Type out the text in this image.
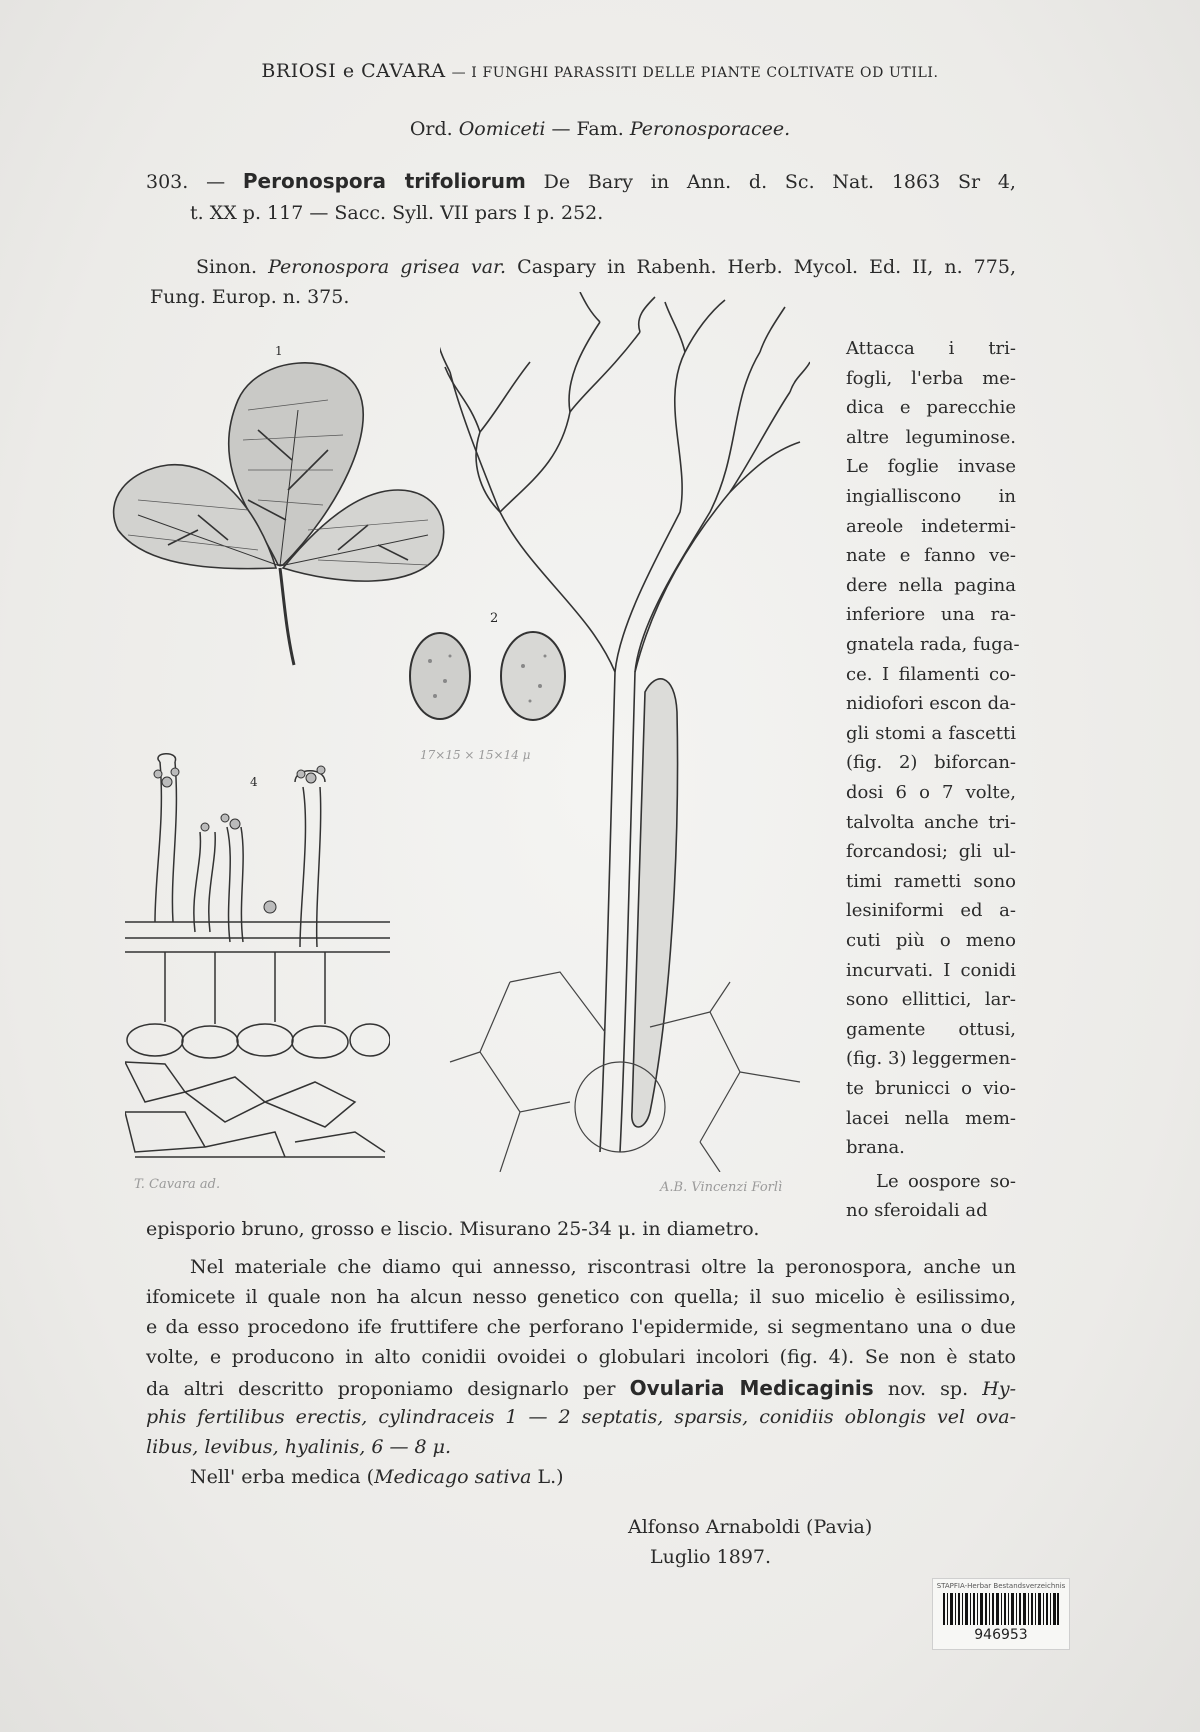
BRIOSI e CAVARA — I FUNGHI PARASSITI DELLE PIANTE COLTIVATE OD UTILI.
Ord. Oomiceti — Fam. Peronosporacee.
303. — Peronospora trifoliorum De Bary in Ann. d. Sc. Nat. 1863 Sr 4,
t. XX p. 117 — Sacc. Syll. VII pars I p. 252.
Sinon. Peronospora grisea var. Caspary in Rabenh. Herb. Mycol. Ed. II, n. 775,
Fung. Europ. n. 375.
2
17×15 × 15×14 μ
1
4
T. Cavara ad.	A.B. Vincenzi Forlì
Attacca i tri-
fogli, l'erba me-
dica e parecchie
altre leguminose.
Le foglie invase
ingialliscono in
areole indetermi-
nate e fanno ve-
dere nella pagina
inferiore una ra-
gnatela rada, fuga-
ce. I filamenti co-
nidiofori escon da-
gli stomi a fascetti
(fig. 2) biforcan-
dosi 6 o 7 volte,
talvolta anche tri-
forcandosi; gli ul-
timi rametti sono
lesiniformi ed a-
cuti più o meno
incurvati. I conidi
sono ellittici, lar-
gamente ottusi,
(fig. 3) leggermen-
te brunicci o vio-
lacei nella mem-
brana.
Le oospore so-
no sferoidali ad
episporio bruno, grosso e liscio. Misurano 25-34 μ. in diametro.
Nel materiale che diamo qui annesso, riscontrasi oltre la peronospora, anche un
ifomicete il quale non ha alcun nesso genetico con quella; il suo micelio è esilissimo,
e da esso procedono ife fruttifere che perforano l'epidermide, si segmentano una o due
volte, e producono in alto conidii ovoidei o globulari incolori (fig. 4). Se non è stato
da altri descritto proponiamo designarlo per Ovularia Medicaginis nov. sp. Hy-
phis fertilibus erectis, cylindraceis 1 — 2 septatis, sparsis, conidiis oblongis vel ova-
libus, levibus, hyalinis, 6 — 8 μ.
Nell' erba medica (Medicago sativa L.)
Alfonso Arnaboldi (Pavia)
Luglio 1897.
STAPFIA-Herbar Bestandsverzeichnis
946953
